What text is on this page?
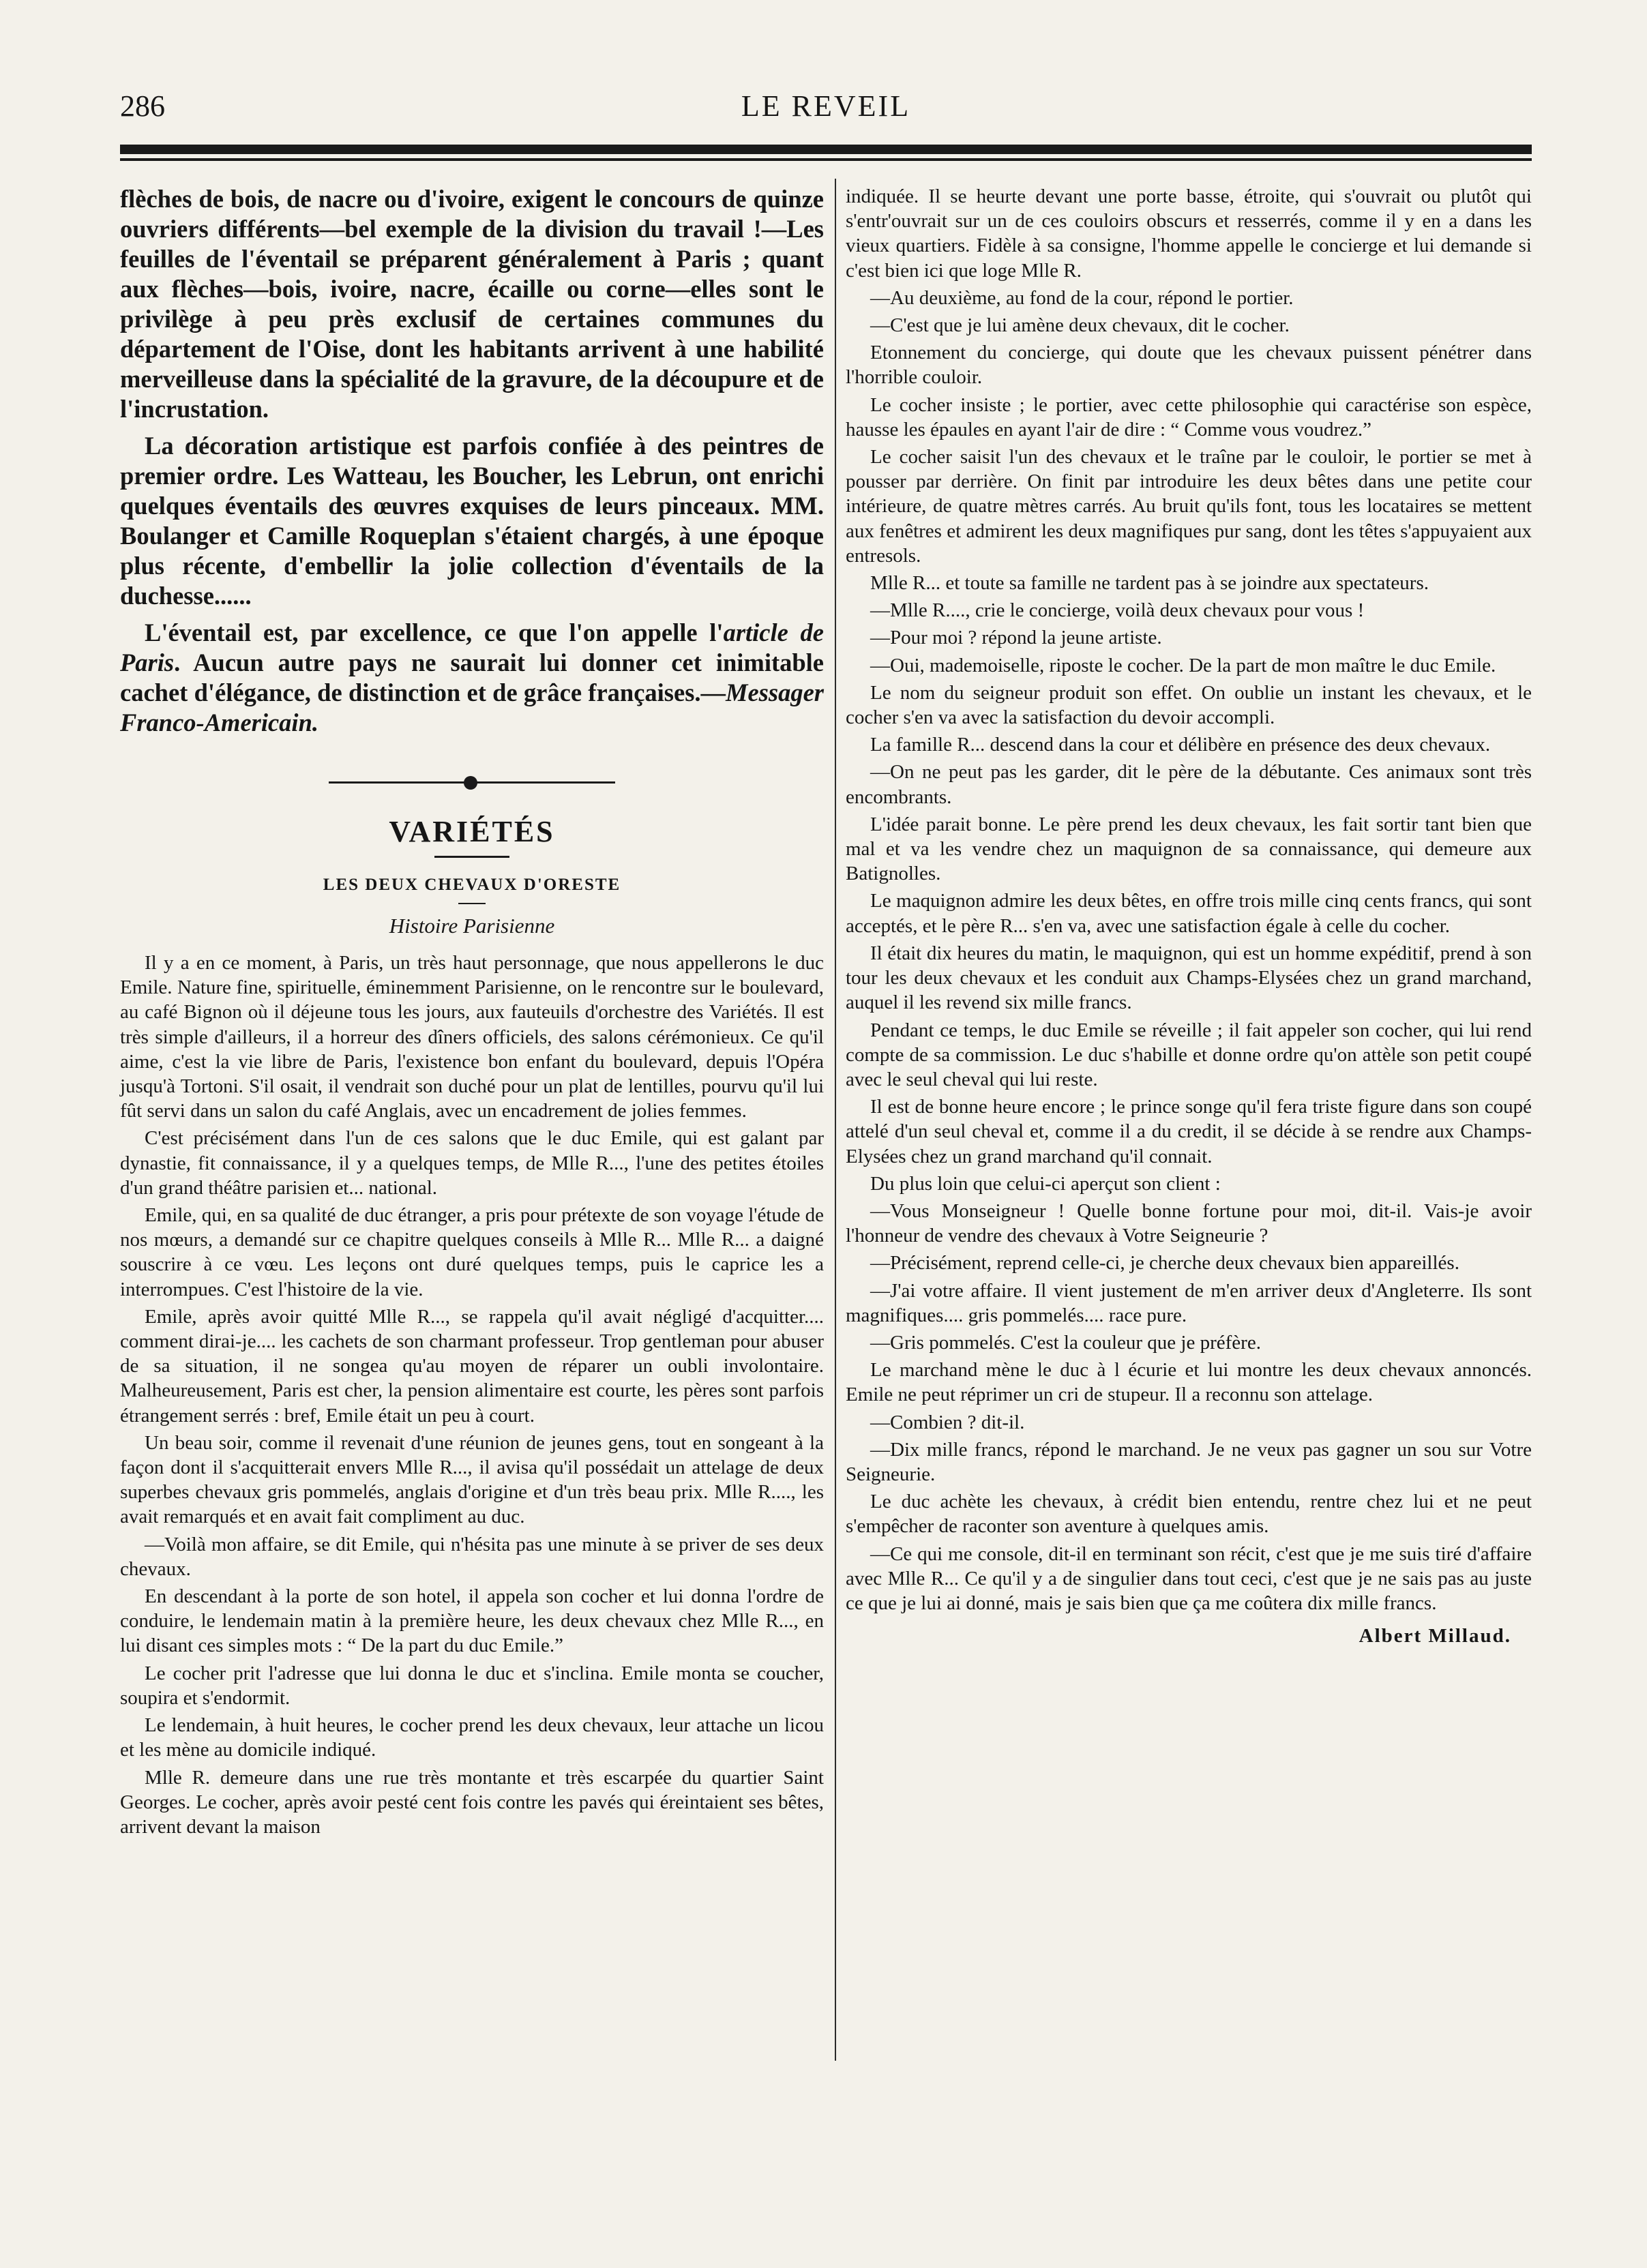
286	LE REVEIL

flèches de bois, de nacre ou d'ivoire, exigent le concours de quinze ouvriers différents—bel exemple de la division du travail !—Les feuilles de l'éventail se préparent généralement à Paris ; quant aux flèches—bois, ivoire, nacre, écaille ou corne—elles sont le privilège à peu près exclusif de certaines communes du département de l'Oise, dont les habitants arrivent à une habilité merveilleuse dans la spécialité de la gravure, de la découpure et de l'incrustation.

La décoration artistique est parfois confiée à des peintres de premier ordre. Les Watteau, les Boucher, les Lebrun, ont enrichi quelques éventails des œuvres exquises de leurs pinceaux. MM. Boulanger et Camille Roqueplan s'étaient chargés, à une époque plus récente, d'embellir la jolie collection d'éventails de la duchesse......

L'éventail est, par excellence, ce que l'on appelle l'article de Paris. Aucun autre pays ne saurait lui donner cet inimitable cachet d'élégance, de distinction et de grâce françaises.—Messager Franco-Americain.

VARIÉTÉS
LES DEUX CHEVAUX D'ORESTE
Histoire Parisienne

Il y a en ce moment, à Paris, un très haut personnage, que nous appellerons le duc Emile. Nature fine, spirituelle, éminemment Parisienne, on le rencontre sur le boulevard, au café Bignon où il déjeune tous les jours, aux fauteuils d'orchestre des Variétés. Il est très simple d'ailleurs, il a horreur des dîners officiels, des salons cérémonieux. Ce qu'il aime, c'est la vie libre de Paris, l'existence bon enfant du boulevard, depuis l'Opéra jusqu'à Tortoni. S'il osait, il vendrait son duché pour un plat de lentilles, pourvu qu'il lui fût servi dans un salon du café Anglais, avec un encadrement de jolies femmes.

C'est précisément dans l'un de ces salons que le duc Emile, qui est galant par dynastie, fit connaissance, il y a quelques temps, de Mlle R..., l'une des petites étoiles d'un grand théâtre parisien et... national.

Emile, qui, en sa qualité de duc étranger, a pris pour prétexte de son voyage l'étude de nos mœurs, a demandé sur ce chapitre quelques conseils à Mlle R... Mlle R... a daigné souscrire à ce vœu. Les leçons ont duré quelques temps, puis le caprice les a interrompues. C'est l'histoire de la vie.

Emile, après avoir quitté Mlle R..., se rappela qu'il avait négligé d'acquitter.... comment dirai-je.... les cachets de son charmant professeur. Trop gentleman pour abuser de sa situation, il ne songea qu'au moyen de réparer un oubli involontaire. Malheureusement, Paris est cher, la pension alimentaire est courte, les pères sont parfois étrangement serrés : bref, Emile était un peu à court.

Un beau soir, comme il revenait d'une réunion de jeunes gens, tout en songeant à la façon dont il s'acquitterait envers Mlle R..., il avisa qu'il possédait un attelage de deux superbes chevaux gris pommelés, anglais d'origine et d'un très beau prix. Mlle R...., les avait remarqués et en avait fait compliment au duc.

—Voilà mon affaire, se dit Emile, qui n'hésita pas une minute à se priver de ses deux chevaux.

En descendant à la porte de son hotel, il appela son cocher et lui donna l'ordre de conduire, le lendemain matin à la première heure, les deux chevaux chez Mlle R..., en lui disant ces simples mots : “ De la part du duc Emile.”

Le cocher prit l'adresse que lui donna le duc et s'inclina. Emile monta se coucher, soupira et s'endormit.

Le lendemain, à huit heures, le cocher prend les deux chevaux, leur attache un licou et les mène au domicile indiqué.

Mlle R. demeure dans une rue très montante et très escarpée du quartier Saint Georges. Le cocher, après avoir pesté cent fois contre les pavés qui éreintaient ses bêtes, arrivent devant la maison

indiquée. Il se heurte devant une porte basse, étroite, qui s'ouvrait ou plutôt qui s'entr'ouvrait sur un de ces couloirs obscurs et resserrés, comme il y en a dans les vieux quartiers. Fidèle à sa consigne, l'homme appelle le concierge et lui demande si c'est bien ici que loge Mlle R.

—Au deuxième, au fond de la cour, répond le portier.

—C'est que je lui amène deux chevaux, dit le cocher.

Etonnement du concierge, qui doute que les chevaux puissent pénétrer dans l'horrible couloir.

Le cocher insiste ; le portier, avec cette philosophie qui caractérise son espèce, hausse les épaules en ayant l'air de dire : “ Comme vous voudrez.”

Le cocher saisit l'un des chevaux et le traîne par le couloir, le portier se met à pousser par derrière. On finit par introduire les deux bêtes dans une petite cour intérieure, de quatre mètres carrés. Au bruit qu'ils font, tous les locataires se mettent aux fenêtres et admirent les deux magnifiques pur sang, dont les têtes s'appuyaient aux entresols.

Mlle R... et toute sa famille ne tardent pas à se joindre aux spectateurs.

—Mlle R...., crie le concierge, voilà deux chevaux pour vous !

—Pour moi ? répond la jeune artiste.

—Oui, mademoiselle, riposte le cocher. De la part de mon maître le duc Emile.

Le nom du seigneur produit son effet. On oublie un instant les chevaux, et le cocher s'en va avec la satisfaction du devoir accompli.

La famille R... descend dans la cour et délibère en présence des deux chevaux.

—On ne peut pas les garder, dit le père de la débutante. Ces animaux sont très encombrants.

L'idée parait bonne. Le père prend les deux chevaux, les fait sortir tant bien que mal et va les vendre chez un maquignon de sa connaissance, qui demeure aux Batignolles.

Le maquignon admire les deux bêtes, en offre trois mille cinq cents francs, qui sont acceptés, et le père R... s'en va, avec une satisfaction égale à celle du cocher.

Il était dix heures du matin, le maquignon, qui est un homme expéditif, prend à son tour les deux chevaux et les conduit aux Champs-Elysées chez un grand marchand, auquel il les revend six mille francs.

Pendant ce temps, le duc Emile se réveille ; il fait appeler son cocher, qui lui rend compte de sa commission. Le duc s'habille et donne ordre qu'on attèle son petit coupé avec le seul cheval qui lui reste.

Il est de bonne heure encore ; le prince songe qu'il fera triste figure dans son coupé attelé d'un seul cheval et, comme il a du credit, il se décide à se rendre aux Champs-Elysées chez un grand marchand qu'il connait.

Du plus loin que celui-ci aperçut son client :

—Vous Monseigneur ! Quelle bonne fortune pour moi, dit-il. Vais-je avoir l'honneur de vendre des chevaux à Votre Seigneurie ?

—Précisément, reprend celle-ci, je cherche deux chevaux bien appareillés.

—J'ai votre affaire. Il vient justement de m'en arriver deux d'Angleterre. Ils sont magnifiques.... gris pommelés.... race pure.

—Gris pommelés. C'est la couleur que je préfère.

Le marchand mène le duc à l écurie et lui montre les deux chevaux annoncés. Emile ne peut réprimer un cri de stupeur. Il a reconnu son attelage.

—Combien ? dit-il.

—Dix mille francs, répond le marchand. Je ne veux pas gagner un sou sur Votre Seigneurie.

Le duc achète les chevaux, à crédit bien entendu, rentre chez lui et ne peut s'empêcher de raconter son aventure à quelques amis.

—Ce qui me console, dit-il en terminant son récit, c'est que je me suis tiré d'affaire avec Mlle R... Ce qu'il y a de singulier dans tout ceci, c'est que je ne sais pas au juste ce que je lui ai donné, mais je sais bien que ça me coûtera dix mille francs.

Albert Millaud.
